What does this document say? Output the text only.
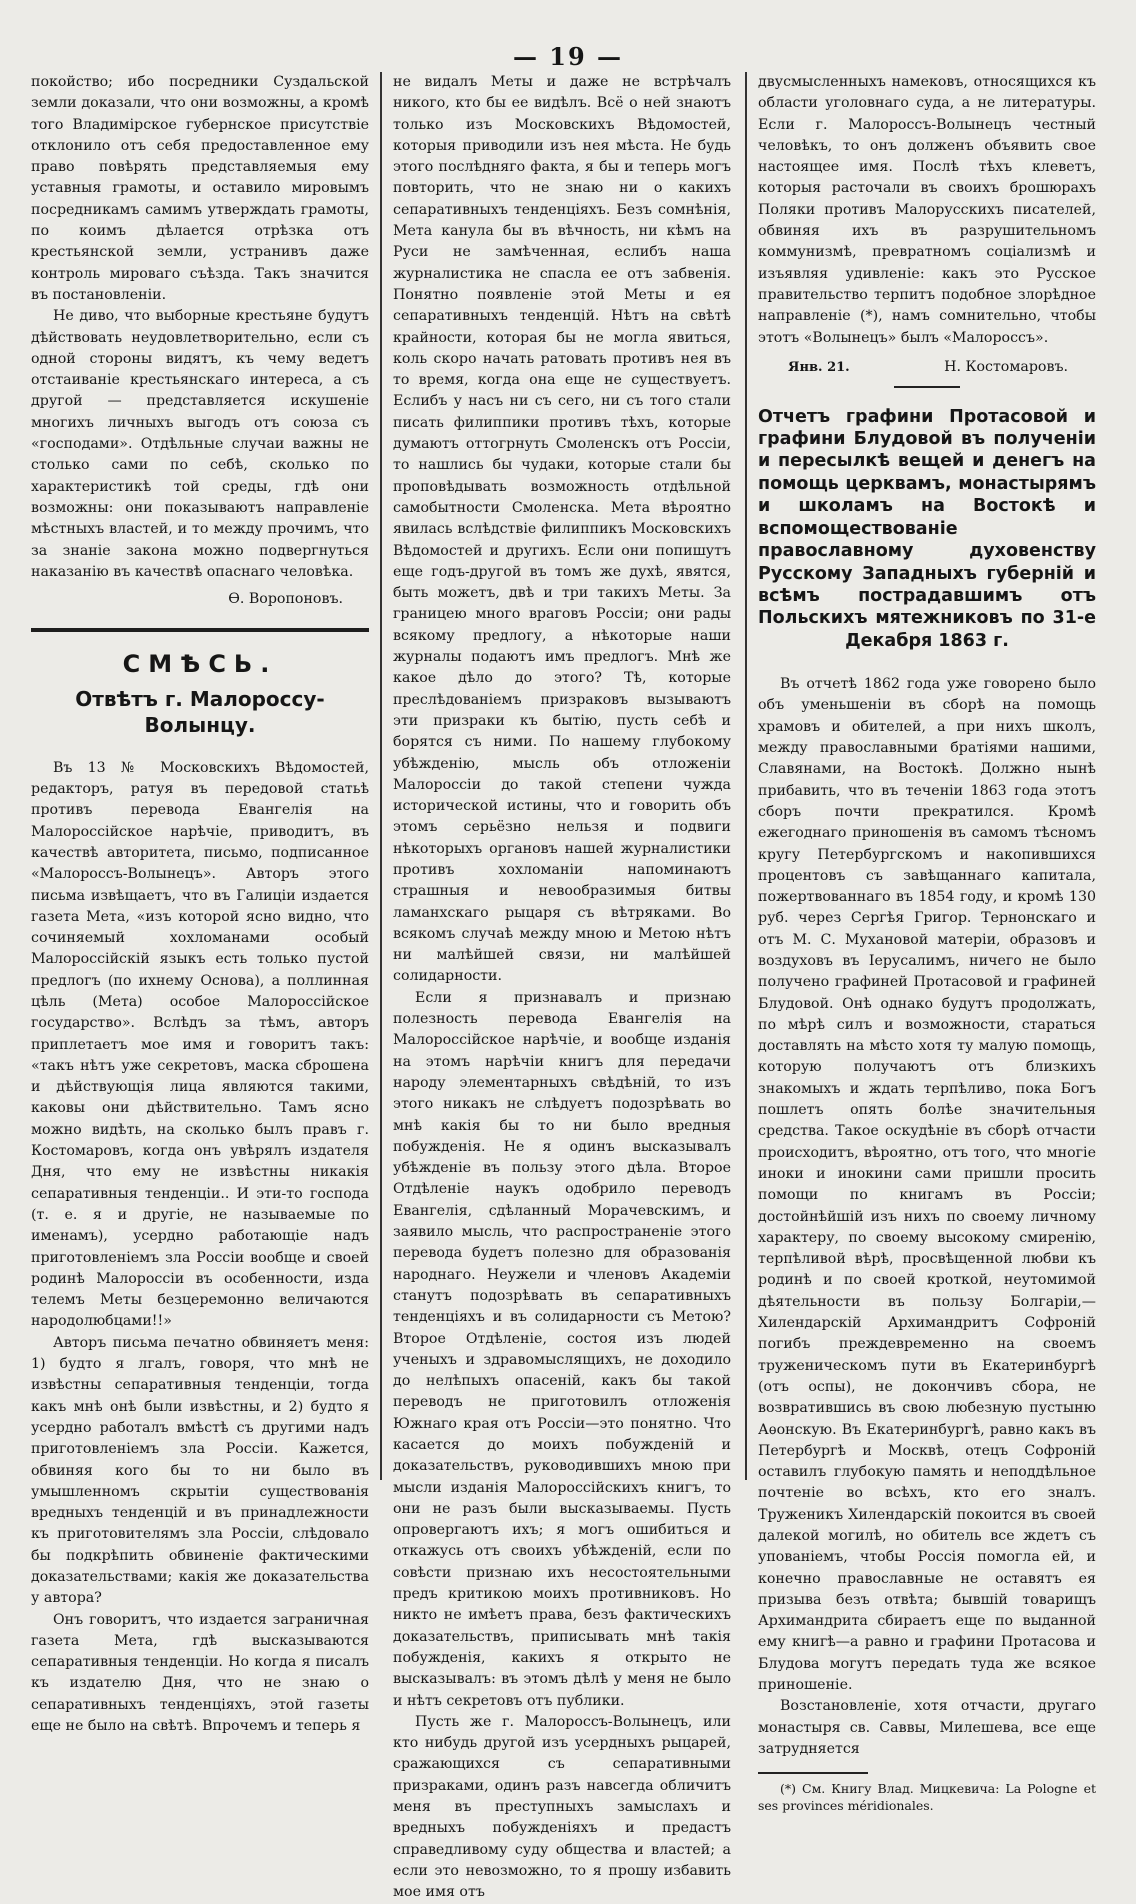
— 19 —

покойство; ибо посредники Суздальской земли доказали, что они возможны, а кромѣ того Владимірское губернское присутствіе отклонило отъ себя предоставленное ему право повѣрять представляемыя ему уставныя грамоты, и оставило мировымъ посредникамъ самимъ утверждать грамоты, по коимъ дѣлается отрѣзка отъ крестьянской земли, устранивъ даже контроль мироваго съѣзда. Такъ значится въ постановленіи.

Не диво, что выборные крестьяне будутъ дѣйствовать неудовлетворительно, если съ одной стороны видятъ, къ чему ведетъ отстаиваніе крестьянскаго интереса, а съ другой — представляется искушеніе многихъ личныхъ выгодъ отъ союза съ «господами». Отдѣльные случаи важны не столько сами по себѣ, сколько по характеристикѣ той среды, гдѣ они возможны: они показываютъ направленіе мѣстныхъ властей, и то между прочимъ, что за знаніе закона можно подвергнуться наказанію въ качествѣ опаснаго человѣка.

Ѳ. Воропоновъ.
СМѢСЬ.
Отвѣтъ г. Малороссу-Волынцу.

Въ 13 № Московскихъ Вѣдомостей, редакторъ, ратуя въ передовой статьѣ противъ перевода Евангелія на Малороссійское нарѣчіе, приводитъ, въ качествѣ авторитета, письмо, подписанное «Малороссъ-Волынецъ». Авторъ этого письма извѣщаетъ, что въ Галиціи издается газета Мета, «изъ которой ясно видно, что сочиняемый хохломанами особый Малороссійскій языкъ есть только пустой предлогъ (по ихнему Основа), а поллинная цѣль (Мета) особое Малороссійское государство». Вслѣдъ за тѣмъ, авторъ приплетаетъ мое имя и говоритъ такъ: «такъ нѣтъ уже секретовъ, маска сброшена и дѣйствующія лица являются такими, каковы они дѣйствительно. Тамъ ясно можно видѣть, на сколько былъ правъ г. Костомаровъ, когда онъ увѣрялъ издателя Дня, что ему не извѣстны никакія сепаративныя тенденціи.. И эти-то господа (т. е. я и другіе, не называемые по именамъ), усердно работающіе надъ приготовленіемъ зла Россіи вообще и своей родинѣ Малороссіи въ особенности, изда телемъ Меты безцеремонно величаются народолюбцами!!»

Авторъ письма печатно обвиняетъ меня: 1) будто я лгалъ, говоря, что мнѣ не извѣстны сепаративныя тенденціи, тогда какъ мнѣ онѣ были извѣстны, и 2) будто я усердно работалъ вмѣстѣ съ другими надъ приготовленіемъ зла Россіи. Кажется, обвиняя кого бы то ни было въ умышленномъ скрытіи существованія вредныхъ тенденцій и въ принадлежности къ приготовителямъ зла Россіи, слѣдовало бы подкрѣпить обвиненіе фактическими доказательствами; какія же доказательства у автора?

Онъ говоритъ, что издается заграничная газета Мета, гдѣ высказываются сепаративныя тенденціи. Но когда я писалъ къ издателю Дня, что не знаю о сепаративныхъ тенденціяхъ, этой газеты еще не было на свѣтѣ. Впрочемъ и теперь я

не видалъ Меты и даже не встрѣчалъ никого, кто бы ее видѣлъ. Всё о ней знаютъ только изъ Московскихъ Вѣдомостей, которыя приводили изъ нея мѣста. Не будь этого послѣдняго факта, я бы и теперь могъ повторить, что не знаю ни о какихъ сепаративныхъ тенденціяхъ. Безъ сомнѣнія, Мета канула бы въ вѣчность, ни кѣмъ на Руси не замѣченная, еслибъ наша журналистика не спасла ее отъ забвенія. Понятно появленіе этой Меты и ея сепаративныхъ тенденцій. Нѣтъ на свѣтѣ крайности, которая бы не могла явиться, коль скоро начать ратовать противъ нея въ то время, когда она еще не существуетъ. Еслибъ у насъ ни съ сего, ни съ того стали писать филиппики противъ тѣхъ, которые думаютъ оттогрнуть Смоленскъ отъ Россіи, то нашлись бы чудаки, которые стали бы проповѣдывать возможность отдѣльной самобытности Смоленска. Мета вѣроятно явилась вслѣдствіе филиппикъ Московскихъ Вѣдомостей и другихъ. Если они попишутъ еще годъ-другой въ томъ же духѣ, явятся, быть можетъ, двѣ и три такихъ Меты. За границею много враговъ Россіи; они рады всякому предлогу, а нѣкоторые наши журналы подаютъ имъ предлогъ. Мнѣ же какое дѣло до этого? Тѣ, которые преслѣдованіемъ призраковъ вызываютъ эти призраки къ бытію, пусть себѣ и борятся съ ними. По нашему глубокому убѣжденію, мысль объ отложеніи Малороссіи до такой степени чужда исторической истины, что и говорить объ этомъ серьёзно нельзя и подвиги нѣкоторыхъ органовъ нашей журналистики противъ хохломаніи напоминаютъ страшныя и невообразимыя битвы ламанхскаго рыцаря съ вѣтряками. Во всякомъ случаѣ между мною и Метою нѣтъ ни малѣйшей связи, ни малѣйшей солидарности.

Если я признавалъ и признаю полезность перевода Евангелія на Малороссійское нарѣчіе, и вообще изданія на этомъ нарѣчіи книгъ для передачи народу элементарныхъ свѣдѣній, то изъ этого никакъ не слѣдуетъ подозрѣвать во мнѣ какія бы то ни было вредныя побужденія. Не я одинъ высказывалъ убѣжденіе въ пользу этого дѣла. Второе Отдѣленіе наукъ одобрило переводъ Евангелія, сдѣланный Морачевскимъ, и заявило мысль, что распространеніе этого перевода будетъ полезно для образованія народнаго. Неужели и членовъ Академіи станутъ подозрѣвать въ сепаративныхъ тенденціяхъ и въ солидарности съ Метою? Второе Отдѣленіе, состоя изъ людей ученыхъ и здравомыслящихъ, не доходило до нелѣпыхъ опасеній, какъ бы такой переводъ не приготовилъ отложенія Южнаго края отъ Россіи—это понятно. Что касается до моихъ побужденій и доказательствъ, руководившихъ мною при мысли изданія Малороссійскихъ книгъ, то они не разъ были высказываемы. Пусть опровергаютъ ихъ; я могъ ошибиться и откажусь отъ своихъ убѣжденій, если по совѣсти признаю ихъ несостоятельными предъ критикою моихъ противниковъ. Но никто не имѣетъ права, безъ фактическихъ доказательствъ, приписывать мнѣ такія побужденія, какихъ я открыто не высказывалъ: въ этомъ дѣлѣ у меня не было и нѣтъ секретовъ отъ публики.

Пусть же г. Малороссъ-Волынецъ, или кто нибудь другой изъ усердныхъ рыцарей, сражающихся съ сепаративными призраками, одинъ разъ навсегда обличитъ меня въ преступныхъ замыслахъ и вредныхъ побужденіяхъ и предастъ справедливому суду общества и властей; а если это невозможно, то я прошу избавить мое имя отъ

двусмысленныхъ намековъ, относящихся къ области уголовнаго суда, а не литературы. Если г. Малороссъ-Волынецъ честный человѣкъ, то онъ долженъ объявить свое настоящее имя. Послѣ тѣхъ клеветъ, которыя расточали въ своихъ брошюрахъ Поляки противъ Малорусскихъ писателей, обвиняя ихъ въ разрушительномъ коммунизмѣ, превратномъ соціализмѣ и изъявляя удивленіе: какъ это Русское правительство терпитъ подобное злорѣдное направленіе (*), намъ сомнительно, чтобы этотъ «Волынецъ» былъ «Малороссъ».

Янв. 21.	Н. Костомаровъ.
Отчетъ графини Протасовой и графини Блудовой въ полученіи и пересылкѣ вещей и денегъ на помощь церквамъ, монастырямъ и школамъ на Востокѣ и вспомоществованіе православному духовенству Русскому Западныхъ губерній и всѣмъ пострадавшимъ отъ Польскихъ мятежниковъ по 31-е Декабря 1863 г.

Въ отчетѣ 1862 года уже говорено было объ уменьшеніи въ сборѣ на помощь храмовъ и обителей, а при нихъ школъ, между православными братіями нашими, Славянами, на Востокѣ. Должно нынѣ прибавить, что въ теченіи 1863 года этотъ сборъ почти прекратился. Кромѣ ежегоднаго приношенія въ самомъ тѣсномъ кругу Петербургскомъ и накопившихся процентовъ съ завѣщаннаго капитала, пожертвованнаго въ 1854 году, и кромѣ 130 руб. через Сергѣя Григор. Тернонскаго и отъ М. С. Мухановой матеріи, образовъ и воздуховъ въ Іерусалимъ, ничего не было получено графиней Протасовой и графиней Блудовой. Онѣ однако будутъ продолжать, по мѣрѣ силъ и возможности, стараться доставлять на мѣсто хотя ту малую помощь, которую получаютъ отъ близкихъ знакомыхъ и ждать терпѣливо, пока Богъ пошлетъ опять болѣе значительныя средства. Такое оскудѣніе въ сборѣ отчасти происходитъ, вѣроятно, отъ того, что многіе иноки и инокини сами пришли просить помощи по книгамъ въ Россіи; достойнѣйшій изъ нихъ по своему личному характеру, по своему высокому смиренію, терпѣливой вѣрѣ, просвѣщенной любви къ родинѣ и по своей кроткой, неутомимой дѣятельности въ пользу Болгаріи,—Хилендарскій Архимандритъ Софроній погибъ преждевременно на своемъ труженическомъ пути въ Екатеринбургѣ (отъ оспы), не докончивъ сбора, не возвратившись въ свою любезную пустыню Аѳонскую. Въ Екатеринбургѣ, равно какъ въ Петербургѣ и Москвѣ, отецъ Софроній оставилъ глубокую память и неподдѣльное почтеніе во всѣхъ, кто его зналъ. Труженикъ Хилендарскій покоится въ своей далекой могилѣ, но обитель все ждетъ съ упованіемъ, чтобы Россія помогла ей, и конечно православные не оставятъ ея призыва безъ отвѣта; бывшій товарищъ Архимандрита сбираетъ еще по выданной ему книгѣ—а равно и графини Протасова и Блудова могутъ передать туда же всякое приношеніе.

Возстановленіе, хотя отчасти, другаго монастыря св. Саввы, Милешева, все еще затрудняется

(*) См. Книгу Влад. Мицкевича: La Pologne et ses provinces méridionales.
